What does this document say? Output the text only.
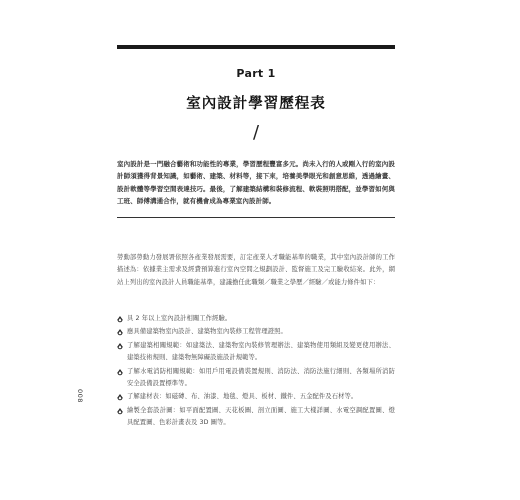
Part 1
室內設計學習歷程表
/
室內設計是一門融合藝術和功能性的專業，學習歷程豐富多元。尚未入行的人或剛入行的室內設計師須獲得背景知識，如藝術、建築、材料等，接下來，培養美學眼光和創意思維，透過繪畫、設計軟體等學習空間表達技巧。最後，了解建築結構和裝修流程、軟裝照明搭配，並學習如何與工班、師傅溝通合作，就有機會成為專業室內設計師。
勞動部勞動力發展署依照各產業發展需要，訂定產業人才職能基準的職業，其中室內設計師的工作描述為：依據業主需求及經費預算進行室內空間之規劃設計、監督施工及完工驗收結案。此外，網站上列出的室內設計人員職能基準，建議擔任此職類／職業之學歷／經驗／或能力條件如下：
具 2 年以上室內設計相關工作經驗。
應具備建築物室內設計、建築物室內裝修工程管理證照。
了解建築相關規範：如建築法、建築物室內裝修管理辦法、建築物使用類組及變更使用辦法、建築技術規則、建築物無障礙設施設計規範等。
了解水電消防相關規範：如用戶用電設備裝置規則、消防法、消防法施行細則、各類場所消防安全設備設置標準等。
了解建材表：如磁磚、布、油漆、地毯、燈具、板材、鐵件、五金配件及石材等。
繪製全套設計圖：如平面配置圖、天花板圖、剖立面圖、施工大樣詳圖、水電空調配置圖、燈具配置圖、色彩計畫表及 3D 圖等。
008
